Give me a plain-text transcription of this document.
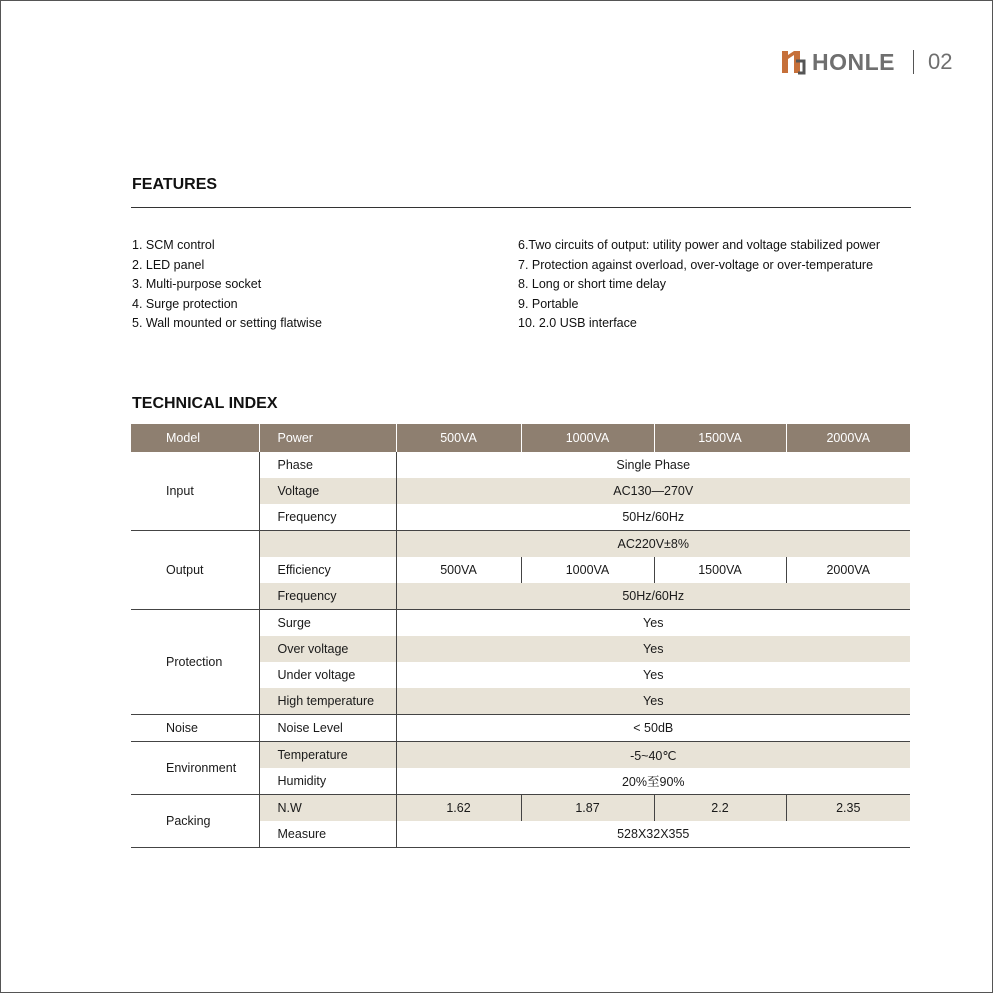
HONLE 02
FEATURES
1. SCM control
2. LED panel
3. Multi-purpose socket
4. Surge protection
5. Wall mounted or setting flatwise
6.Two circuits of output: utility power and voltage stabilized power
7. Protection against overload, over-voltage or over-temperature
8. Long or short time delay
9. Portable
10. 2.0 USB interface
TECHNICAL INDEX
Model	Power	500VA	1000VA	1500VA	2000VA
Input	Phase	Single Phase			
	Voltage	AC130—270V			
	Frequency	50Hz/60Hz			
Output		AC220V±8%			
	Efficiency	500VA	1000VA	1500VA	2000VA
	Frequency	50Hz/60Hz			
Protection	Surge	Yes			
	Over voltage	Yes			
	Under voltage	Yes			
	High temperature	Yes			
Noise	Noise Level	< 50dB			
Environment	Temperature	-5~40℃			
	Humidity	20%至90%			
Packing	N.W	1.62	1.87	2.2	2.35
	Measure	528X32X355			
